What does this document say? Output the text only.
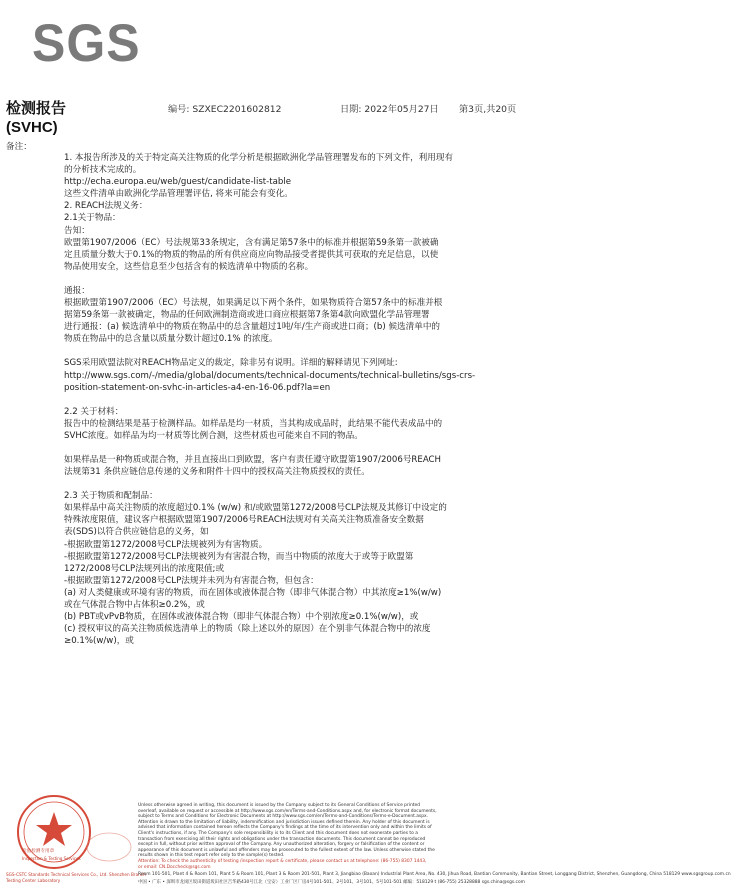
SGS
检测报告
(SVHC)
编号: SZXEC2201602812	日期: 2022年05月27日 第3页,共20页
备注：

1. 本报告所涉及的关于特定高关注物质的化学分析是根据欧洲化学品管理署发布的下列文件，利用现有

的分析技术完成的。

http://echa.europa.eu/web/guest/candidate-list-table

这些文件清单由欧洲化学品管理署评估, 将来可能会有变化。

2. REACH法规义务：

2.1关于物品：

告知：

欧盟第1907/2006（EC）号法规第33条规定，含有满足第57条中的标准并根据第59条第一款被确

定且质量分数大于0.1%的物质的物品的所有供应商应向物品接受者提供其可获取的充足信息，以使

物品使用安全，这些信息至少包括含有的候选清单中物质的名称。

通报：

根据欧盟第1907/2006（EC）号法规，如果满足以下两个条件，如果物质符合第57条中的标准并根

据第59条第一款被确定，物品的任何欧洲制造商或进口商应根据第7条第4款向欧盟化学品管理署

进行通报：(a) 候选清单中的物质在物品中的总含量超过1吨/年/生产商或进口商；(b) 候选清单中的

物质在物品中的总含量以质量分数计超过0.1% 的浓度。

SGS采用欧盟法院对REACH物品定义的裁定，除非另有说明。详细的解释请见下列网址:

http://www.sgs.com/-/media/global/documents/technical-documents/technical-bulletins/sgs-crs-

position-statement-on-svhc-in-articles-a4-en-16-06.pdf?la=en

2.2 关于材料：

报告中的检测结果是基于检测样品。如样品是均一材质，当其构成成品时，此结果不能代表成品中的

SVHC浓度。如样品为均一材质等比例合测，这些材质也可能来自不同的物品。

如果样品是一种物质或混合物，并且直接出口到欧盟，客户有责任遵守欧盟第1907/2006号REACH

法规第31 条供应链信息传递的义务和附件十四中的授权高关注物质授权的责任。

2.3 关于物质和配制品：

如果样品中高关注物质的浓度超过0.1% (w/w) 和/或欧盟第1272/2008号CLP法规及其修订中设定的

特殊浓度限值，建议客户根据欧盟第1907/2006号REACH法规对有关高关注物质准备安全数据

表(SDS)以符合供应链信息的义务，如

-根据欧盟第1272/2008号CLP法规被列为有害物质。

-根据欧盟第1272/2008号CLP法规被列为有害混合物，而当中物质的浓度大于或等于欧盟第

1272/2008号CLP法规列出的浓度限值;或

-根据欧盟第1272/2008号CLP法规并未列为有害混合物，但包含：

(a) 对人类健康或环境有害的物质，而在固体或液体混合物（即非气体混合物）中其浓度≥1%(w/w)

或在气体混合物中占体积≥0.2%，或

(b) PBT或vPvB物质，在固体或液体混合物（即非气体混合物）中个别浓度≥0.1%(w/w)，或

(c) 授权审议的高关注物质候选清单上的物质（除上述以外的原因）在个别非气体混合物中的浓度

≥0.1%(w/w)，或

检验检测专用章
Inspection & Testing Services
SGS-CSTC Standards Technical Services Co., Ltd. Shenzhen Branch
Testing Center Laboratory

Unless otherwise agreed in writing, this document is issued by the Company subject to its General Conditions of Service printed

overleaf, available on request or accessible at http://www.sgs.com/en/Terms-and-Conditions.aspx and, for electronic format documents,

subject to Terms and Conditions for Electronic Documents at http://www.sgs.com/en/Terms-and-Conditions/Terms-e-Document.aspx.

Attention is drawn to the limitation of liability, indemnification and jurisdiction issues defined therein. Any holder of this document is

advised that information contained hereon reflects the Company's findings at the time of its intervention only and within the limits of

Client's instructions, if any. The Company's sole responsibility is to its Client and this document does not exonerate parties to a

transaction from exercising all their rights and obligations under the transaction documents. This document cannot be reproduced

except in full, without prior written approval of the Company. Any unauthorized alteration, forgery or falsification of the content or

appearance of this document is unlawful and offenders may be prosecuted to the fullest extent of the law. Unless otherwise stated the

results shown in this test report refer only to the sample(s) tested.

Attention: To check the authenticity of testing /inspection report & certificate, please contact us at telephone: (86-755) 8307 1443,

or email: CN.Doccheck@sgs.com

Room 101-501, Plant 4 & Room 101, Plant 5 & Room 101, Plant 3 & Room 201-501, Plant 3, Jiangbiao (Baoan) Industrial Plant Area, No. 430, Jihua Road, Bantian Community, Bantian Street, Longgang District, Shenzhen, Guangdong, China 518129 www.sgsgroup.com.cn

中国 • 广东 • 深圳市龙岗区坂田街道坂田社区吉华路430号江北（宝安）工业厂区厂房4号101-501、2号101、3号101、5号101-501 邮编：518129 t (86-755) 25328888 sgs.china@sgs.com
